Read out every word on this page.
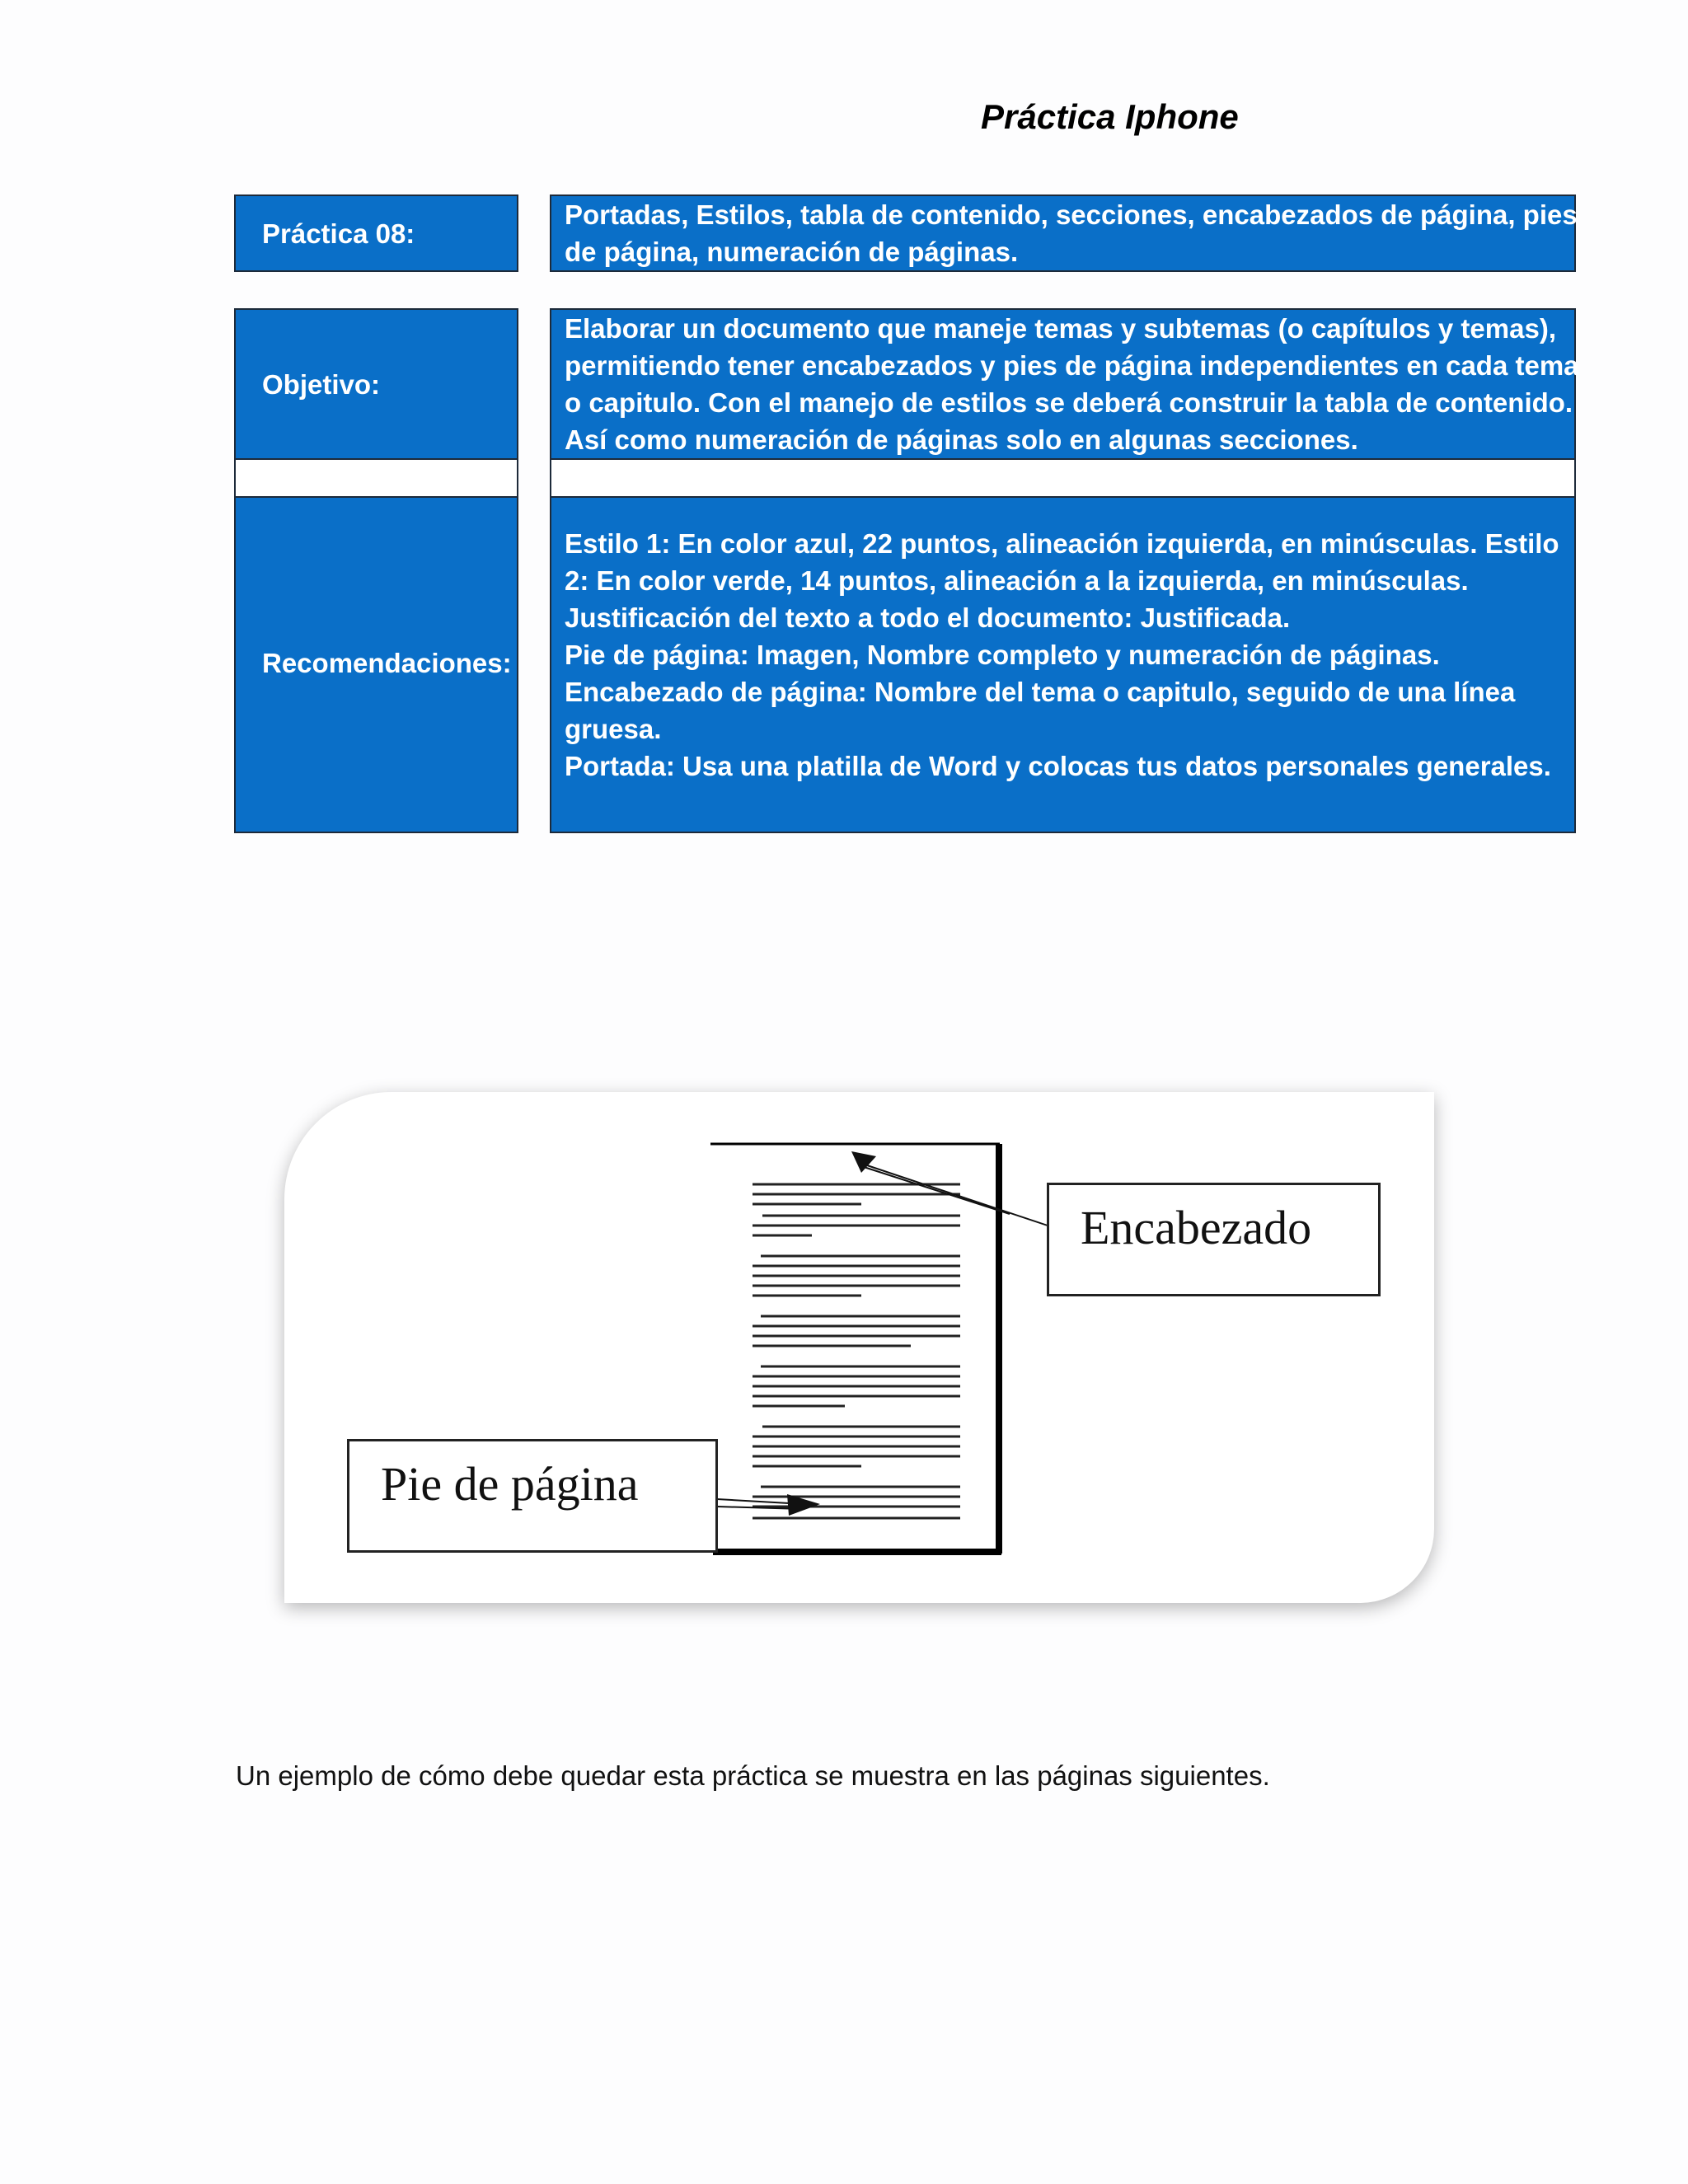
Práctica Iphone
Práctica 08:
Portadas, Estilos, tabla de contenido, secciones, encabezados de página, pies
de página, numeración de páginas.
Objetivo:
Elaborar un documento que maneje temas y subtemas (o capítulos y temas),
permitiendo tener encabezados y pies de página independientes en cada tema
o capitulo. Con el manejo de estilos se deberá construir la tabla de contenido.
Así como numeración de páginas solo en algunas secciones.
Recomendaciones:
Estilo 1: En color azul, 22 puntos, alineación izquierda, en minúsculas. Estilo
2: En color verde, 14 puntos, alineación a la izquierda, en minúsculas.
Justificación del texto a todo el documento: Justificada.
Pie de página: Imagen, Nombre completo y numeración de páginas.
Encabezado de página: Nombre del tema o capitulo, seguido de una línea
gruesa.
Portada: Usa una platilla de Word y colocas tus datos personales generales.
Encabezado
Pie de página
Un ejemplo de cómo debe quedar esta práctica se muestra en las páginas siguientes.
